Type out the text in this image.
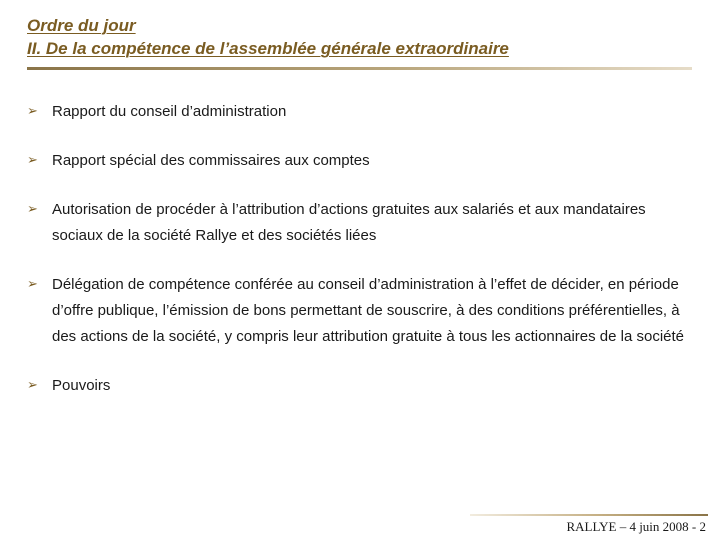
Ordre du jour
II. De la compétence de l’assemblée générale extraordinaire
➢ Rapport du conseil d’administration
➢ Rapport spécial des commissaires aux comptes
➢ Autorisation de procéder à l’attribution d’actions gratuites aux salariés et aux mandataires sociaux de la société Rallye et des sociétés liées
➢ Délégation de compétence conférée au conseil d’administration à l’effet de décider, en période d’offre publique, l’émission de bons permettant de souscrire, à des conditions préférentielles, à des actions de la société, y compris leur attribution gratuite à tous les actionnaires de la société
➢ Pouvoirs
RALLYE – 4 juin 2008 - 2
